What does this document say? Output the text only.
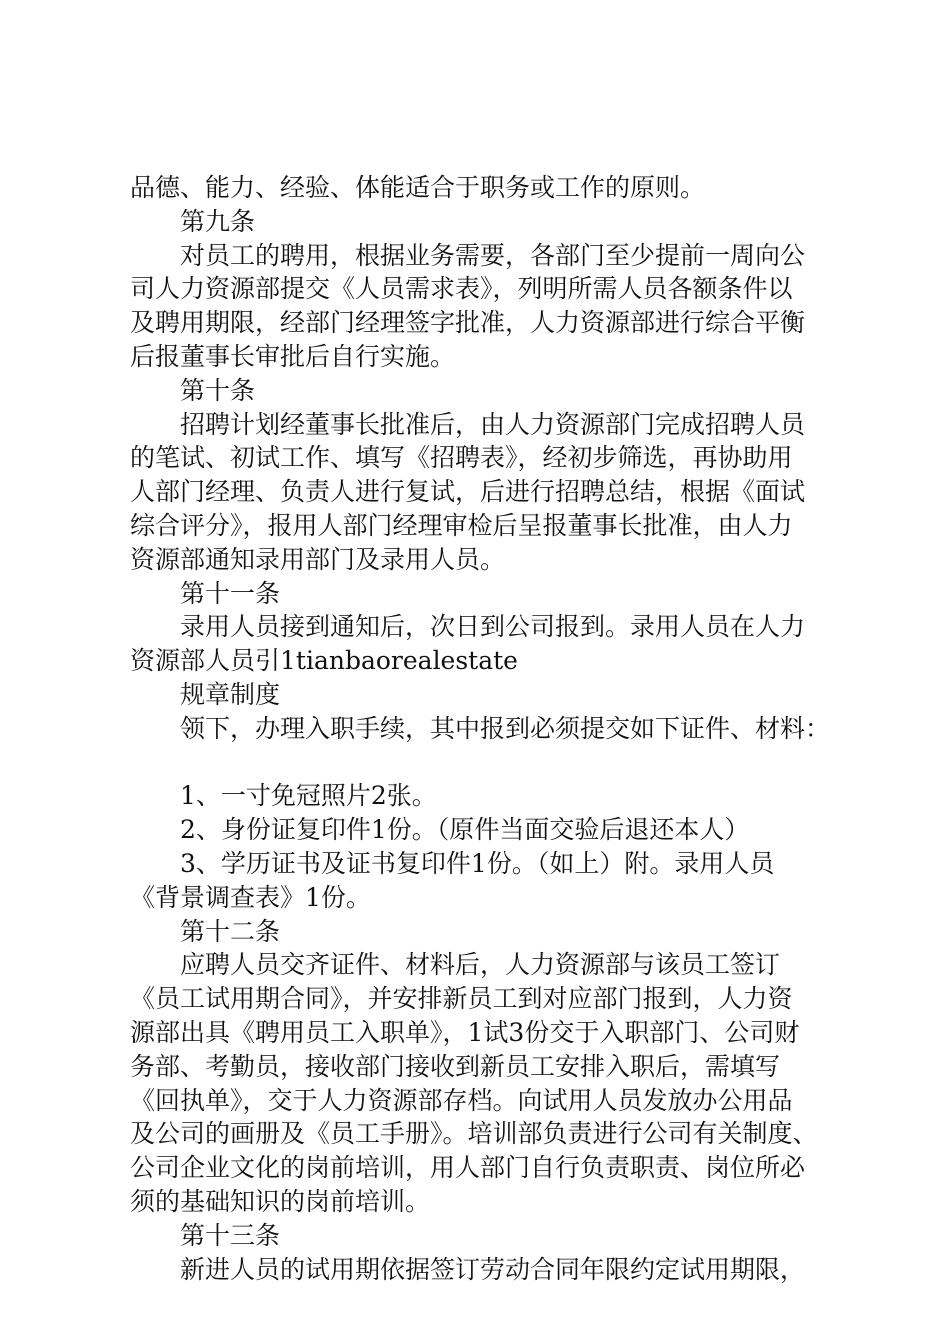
品德、能力、经验、体能适合于职务或工作的原则。
第九条
对员工的聘用，根据业务需要，各部门至少提前一周向公
司人力资源部提交《人员需求表》，列明所需人员各额条件以
及聘用期限，经部门经理签字批准，人力资源部进行综合平衡
后报董事长审批后自行实施。
第十条
招聘计划经董事长批准后，由人力资源部门完成招聘人员
的笔试、初试工作、填写《招聘表》，经初步筛选，再协助用
人部门经理、负责人进行复试，后进行招聘总结，根据《面试
综合评分》，报用人部门经理审检后呈报董事长批准，由人力
资源部通知录用部门及录用人员。
第十一条
录用人员接到通知后，次日到公司报到。录用人员在人力
资源部人员引1tianbaorealestate
规章制度
领下，办理入职手续，其中报到必须提交如下证件、材料：
1、一寸免冠照片2张。
2、身份证复印件1份。（原件当面交验后退还本人）
3、学历证书及证书复印件1份。（如上）附。录用人员
《背景调查表》1份。
第十二条
应聘人员交齐证件、材料后，人力资源部与该员工签订
《员工试用期合同》，并安排新员工到对应部门报到，人力资
源部出具《聘用员工入职单》，1试3份交于入职部门、公司财
务部、考勤员，接收部门接收到新员工安排入职后，需填写
《回执单》，交于人力资源部存档。向试用人员发放办公用品
及公司的画册及《员工手册》。培训部负责进行公司有关制度、
公司企业文化的岗前培训，用人部门自行负责职责、岗位所必
须的基础知识的岗前培训。
第十三条
新进人员的试用期依据签订劳动合同年限约定试用期限，
